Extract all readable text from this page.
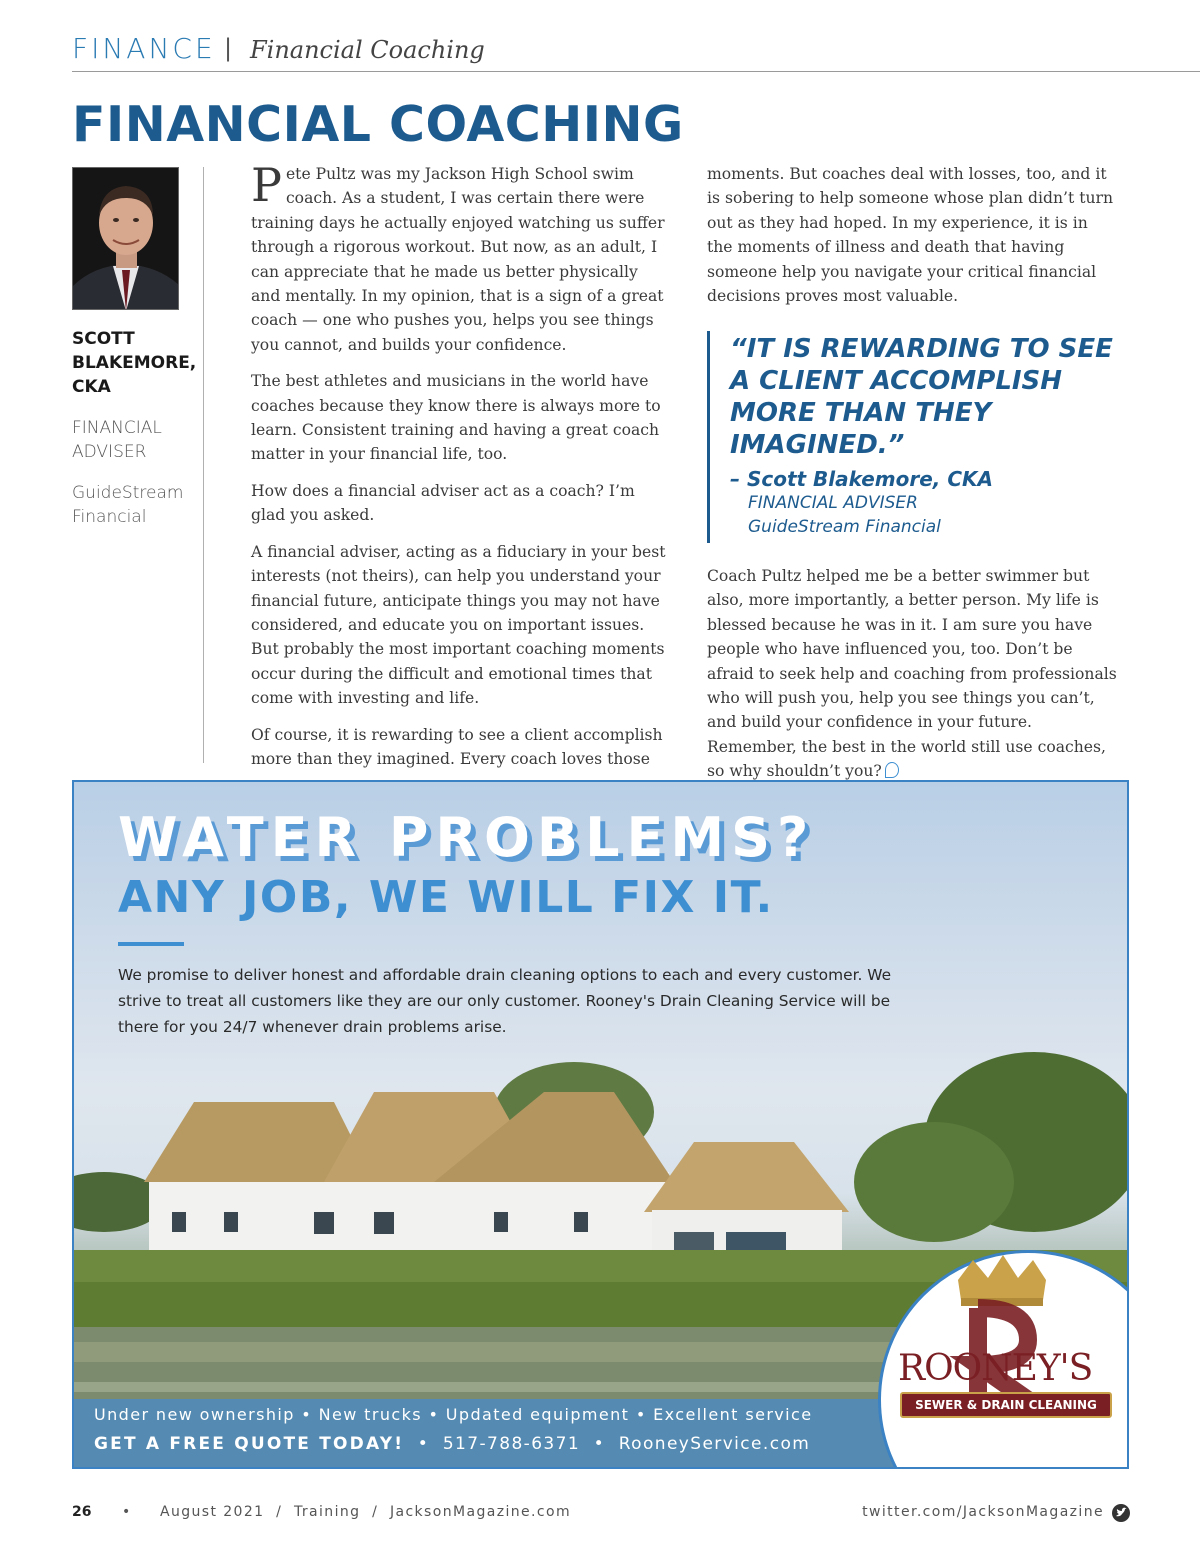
FINANCE | Financial Coaching
FINANCIAL COACHING
SCOTT BLAKEMORE, CKA
FINANCIAL ADVISER
GuideStream Financial

Pete Pultz was my Jackson High School swim coach. As a student, I was certain there were training days he actually enjoyed watching us suffer through a rigorous workout. But now, as an adult, I can appreciate that he made us better physically and mentally. In my opinion, that is a sign of a great coach — one who pushes you, helps you see things you cannot, and builds your confidence.

The best athletes and musicians in the world have coaches because they know there is always more to learn. Consistent training and having a great coach matter in your financial life, too.

How does a financial adviser act as a coach? I’m glad you asked.

A financial adviser, acting as a fiduciary in your best interests (not theirs), can help you understand your financial future, anticipate things you may not have considered, and educate you on important issues. But probably the most important coaching moments occur during the difficult and emotional times that come with investing and life.

Of course, it is rewarding to see a client accomplish more than they imagined. Every coach loves those

moments. But coaches deal with losses, too, and it is sobering to help someone whose plan didn’t turn out as they had hoped. In my experience, it is in the moments of illness and death that having someone help you navigate your critical financial decisions proves most valuable.

“IT IS REWARDING TO SEE A CLIENT ACCOMPLISH MORE THAN THEY IMAGINED.”
– Scott Blakemore, CKA
FINANCIAL ADVISER
GuideStream Financial

Coach Pultz helped me be a better swimmer but also, more importantly, a better person. My life is blessed because he was in it. I am sure you have people who have influenced you, too. Don’t be afraid to seek help and coaching from professionals who will push you, help you see things you can’t, and build your confidence in your future. Remember, the best in the world still use coaches, so why shouldn’t you?

WATER PROBLEMS?
ANY JOB, WE WILL FIX IT.
We promise to deliver honest and affordable drain cleaning options to each and every customer. We strive to treat all customers like they are our only customer. Rooney's Drain Cleaning Service will be there for you 24/7 whenever drain problems arise.
Under new ownership • New trucks • Updated equipment • Excellent service
GET A FREE QUOTE TODAY!  •  517-788-6371  •  RooneyService.com
ROONEY'S
SEWER & DRAIN CLEANING
26 • August 2021  /  Training  /  JacksonMagazine.com	twitter.com/JacksonMagazine
